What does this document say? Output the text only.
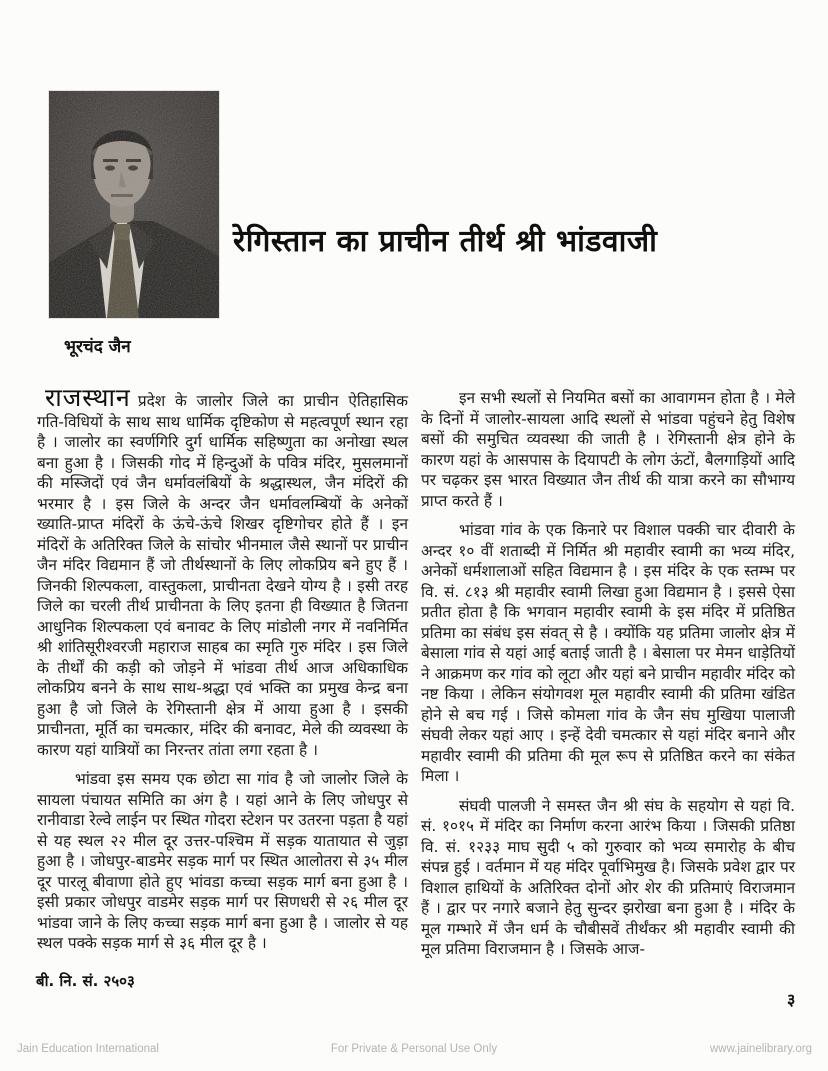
रेगिस्तान का प्राचीन तीर्थ श्री भांडवाजी
भूरचंद जैन

राजस्थान प्रदेश के जालोर जिले का प्राचीन ऐतिहासिक गति-विधियों के साथ साथ धार्मिक दृष्टिकोण से महत्वपूर्ण स्थान रहा है । जालोर का स्वर्णगिरि दुर्ग धार्मिक सहिष्णुता का अनोखा स्थल बना हुआ है । जिसकी गोद में हिन्दुओं के पवित्र मंदिर, मुसलमानों की मस्जिदों एवं जैन धर्मावलंबियों के श्रद्धास्थल, जैन मंदिरों की भरमार है । इस जिले के अन्दर जैन धर्मावलम्बियों के अनेकों ख्याति-प्राप्त मंदिरों के ऊंचे-ऊंचे शिखर दृष्टिगोचर होते हैं । इन मंदिरों के अतिरिक्त जिले के सांचोर भीनमाल जैसे स्थानों पर प्राचीन जैन मंदिर विद्यमान हैं जो तीर्थस्थानों के लिए लोकप्रिय बने हुए हैं । जिनकी शिल्पकला, वास्तुकला, प्राचीनता देखने योग्य है । इसी तरह जिले का चरली तीर्थ प्राचीनता के लिए इतना ही विख्यात है जितना आधुनिक शिल्पकला एवं बनावट के लिए मांडोली नगर में नवनिर्मित श्री शांतिसूरीश्वरजी महाराज साहब का स्मृति गुरु मंदिर । इस जिले के तीर्थों की कड़ी को जोड़ने में भांडवा तीर्थ आज अधिकाधिक लोकप्रिय बनने के साथ साथ-श्रद्धा एवं भक्ति का प्रमुख केन्द्र बना हुआ है जो जिले के रेगिस्तानी क्षेत्र में आया हुआ है । इसकी प्राचीनता, मूर्ति का चमत्कार, मंदिर की बनावट, मेले की व्यवस्था के कारण यहां यात्रियों का निरन्तर तांता लगा रहता है ।

भांडवा इस समय एक छोटा सा गांव है जो जालोर जिले के सायला पंचायत समिति का अंग है । यहां आने के लिए जोधपुर से रानीवाडा रेल्वे लाईन पर स्थित गोदरा स्टेशन पर उतरना पड़ता है यहां से यह स्थल २२ मील दूर उत्तर-पश्चिम में सड़क यातायात से जुड़ा हुआ है । जोधपुर-बाडमेर सड़क मार्ग पर स्थित आलोतरा से ३५ मील दूर पारलू बीवाणा होते हुए भांवडा कच्चा सड़क मार्ग बना हुआ है । इसी प्रकार जोधपुर वाडमेर सड़क मार्ग पर सिणधरी से २६ मील दूर भांडवा जाने के लिए कच्चा सड़क मार्ग बना हुआ है । जालोर से यह स्थल पक्के सड़क मार्ग से ३६ मील दूर है ।

इन सभी स्थलों से नियमित बसों का आवागमन होता है । मेले के दिनों में जालोर-सायला आदि स्थलों से भांडवा पहुंचने हेतु विशेष बसों की समुचित व्यवस्था की जाती है । रेगिस्तानी क्षेत्र होने के कारण यहां के आसपास के दियापटी के लोग ऊंटों, बैलगाड़ियों आदि पर चढ़कर इस भारत विख्यात जैन तीर्थ की यात्रा करने का सौभाग्य प्राप्त करते हैं ।

भांडवा गांव के एक किनारे पर विशाल पक्की चार दीवारी के अन्दर १० वीं शताब्दी में निर्मित श्री महावीर स्वामी का भव्य मंदिर, अनेकों धर्मशालाओं सहित विद्यमान है । इस मंदिर के एक स्तम्भ पर वि. सं. ८१३ श्री महावीर स्वामी लिखा हुआ विद्यमान है । इससे ऐसा प्रतीत होता है कि भगवान महावीर स्वामी के इस मंदिर में प्रतिष्ठित प्रतिमा का संबंध इस संवत् से है । क्योंकि यह प्रतिमा जालोर क्षेत्र में बेसाला गांव से यहां आई बताई जाती है । बेसाला पर मेमन धाड़ेतियों ने आक्रमण कर गांव को लूटा और यहां बने प्राचीन महावीर मंदिर को नष्ट किया । लेकिन संयोगवश मूल महावीर स्वामी की प्रतिमा खंडित होने से बच गई । जिसे कोमला गांव के जैन संघ मुखिया पालाजी संघवी लेकर यहां आए । इन्हें देवी चमत्कार से यहां मंदिर बनाने और महावीर स्वामी की प्रतिमा की मूल रूप से प्रतिष्ठित करने का संकेत मिला ।

संघवी पालजी ने समस्त जैन श्री संघ के सहयोग से यहां वि. सं. १०१५ में मंदिर का निर्माण करना आरंभ किया । जिसकी प्रतिष्ठा वि. सं. १२३३ माघ सुदी ५ को गुरुवार को भव्य समारोह के बीच संपन्न हुई । वर्तमान में यह मंदिर पूर्वाभिमुख है। जिसके प्रवेश द्वार पर विशाल हाथियों के अतिरिक्त दोनों ओर शेर की प्रतिमाएं विराजमान हैं । द्वार पर नगारे बजाने हेतु सुन्दर झरोखा बना हुआ है । मंदिर के मूल गम्भारे में जैन धर्म के चौबीसवें तीर्थंकर श्री महावीर स्वामी की मूल प्रतिमा विराजमान है । जिसके आज-

बी. नि. सं. २५०३
३
Jain Education International	For Private & Personal Use Only	www.jainelibrary.org
